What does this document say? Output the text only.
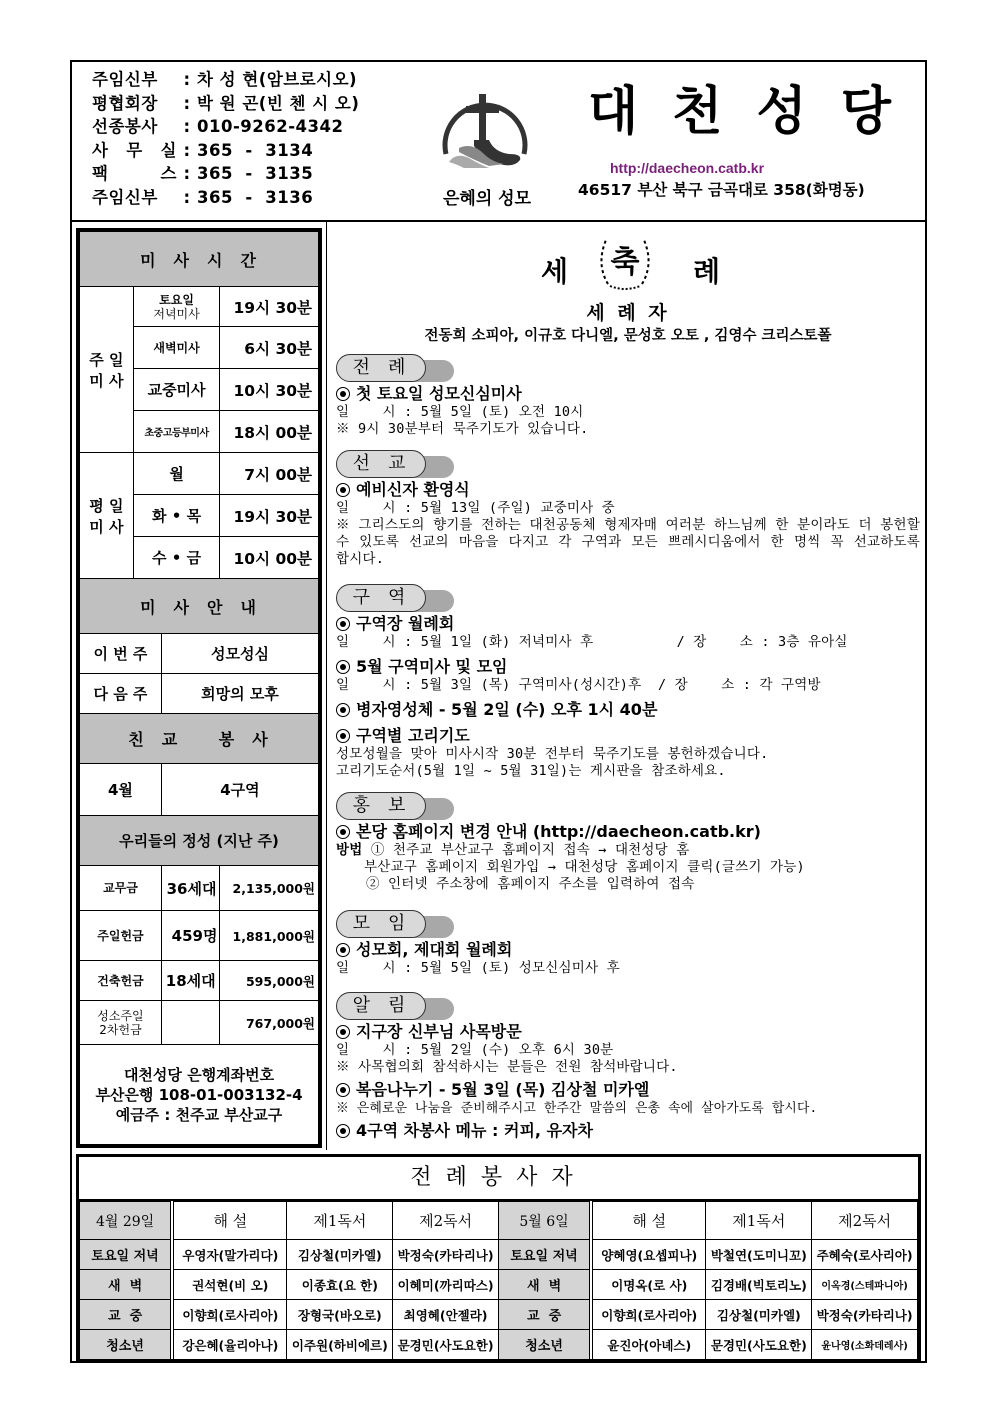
주임신부	: 차 성 현(암브로시오)
평협회장	: 박 원 곤(빈 첸 시 오)
선종봉사	: 010-9262-4342
사 무 실 : 365  -  3134
팩    스 : 365  -  3135
주임신부	: 365  -  3136	은혜의 성모
대천성당
http://daecheon.catb.kr
46517 부산 북구 금곡대로 358(화명동)
미사시간			

주 일
미 사

토요일
저녁미사	19시 30분
	새벽미사		6시 30분
	교중미사		10시 30분
	초중고등부미사		18시 00분

평 일
미 사	월		7시 00분
	화 • 목		19시 30분
	수 • 금		10시 00분
미사안내			
이 번 주		성모성심	
다 음 주		희망의 모후	
친교 봉사			
4월		4구역	
우리들의 정성 (지난 주)			
교무금		36세대	2,135,000원
주일헌금		459명	1,881,000원
건축헌금		18세대	595,000원

성소주일
2차헌금			767,000원

대천성당 은행계좌번호
부산은행 108-01-003132-4
예금주 : 천주교 부산교구			
세 축 례
세 례 자
전동희 소피아, 이규호 다니엘, 문성호 오토 , 김영수 크리스토폴
전례
첫 토요일 성모신심미사
일    시 : 5월 5일 (토) 오전 10시
※ 9시 30분부터 묵주기도가 있습니다.
선교
예비신자 환영식
일    시 : 5월 13일 (주일) 교중미사 중
※ 그리스도의 향기를 전하는 대천공동체 형제자매 여러분 하느님께 한 분이라도 더 봉헌할 수 있도록 선교의 마음을 다지고 각 구역과 모든 쁘레시디움에서 한 명씩 꼭 선교하도록 합시다.
구역
구역장 월례회
일    시 : 5월 1일 (화) 저녁미사 후          / 장    소 : 3층 유아실
5월 구역미사 및 모임
일    시 : 5월 3일 (목) 구역미사(성시간)후  / 장    소 : 각 구역방
병자영성체 - 5월 2일 (수) 오후 1시 40분
구역별 고리기도
성모성월을 맞아 미사시작 30분 전부터 묵주기도를 봉헌하겠습니다.
고리기도순서(5월 1일 ~ 5월 31일)는 게시판을 참조하세요.
홍보
본당 홈페이지 변경 안내 (http://daecheon.catb.kr)
방법 ① 천주교 부산교구 홈페이지 접속 → 대천성당 홈
부산교구 홈페이지 회원가입 → 대천성당 홈페이지 클릭(글쓰기 가능)
② 인터넷 주소창에 홈페이지 주소를 입력하여 접속
모임
성모회, 제대회 월례회
일    시 : 5월 5일 (토) 성모신심미사 후
알림
지구장 신부님 사목방문
일    시 : 5월 2일 (수) 오후 6시 30분
※ 사목협의회 참석하시는 분들은 전원 참석바랍니다.
복음나누기 - 5월 3일 (목) 김상철 미카엘
※ 은혜로운 나눔을 준비해주시고 한주간 말씀의 은총 속에 살아가도록 합시다.
4구역 차봉사 메뉴 : 커피, 유자차
전례봉사자
4월 29일	해 설	제1독서	제2독서	5월 6일	해 설	제1독서	제2독서
토요일 저녁	우영자(말가리다)	김상철(미카엘)	박정숙(카타리나)	토요일 저녁	양혜영(요셉피나)	박철연(도미니꼬)	주혜숙(로사리아)
새  벽	권석현(비 오)	이종효(요 한)	이혜미(까리따스)	새  벽	이명옥(로 사)	김경배(빅토리노)	이옥경(스테파니아)
교  중	이향희(로사리아)	장형국(바오로)	최영혜(안젤라)	교  중	이향희(로사리아)	김상철(미카엘)	박정숙(카타리나)
청소년	강은혜(율리아나)	이주원(하비에르)	문경민(사도요한)	청소년	윤진아(아녜스)	문경민(사도요한)	윤나영(소화데레사)
